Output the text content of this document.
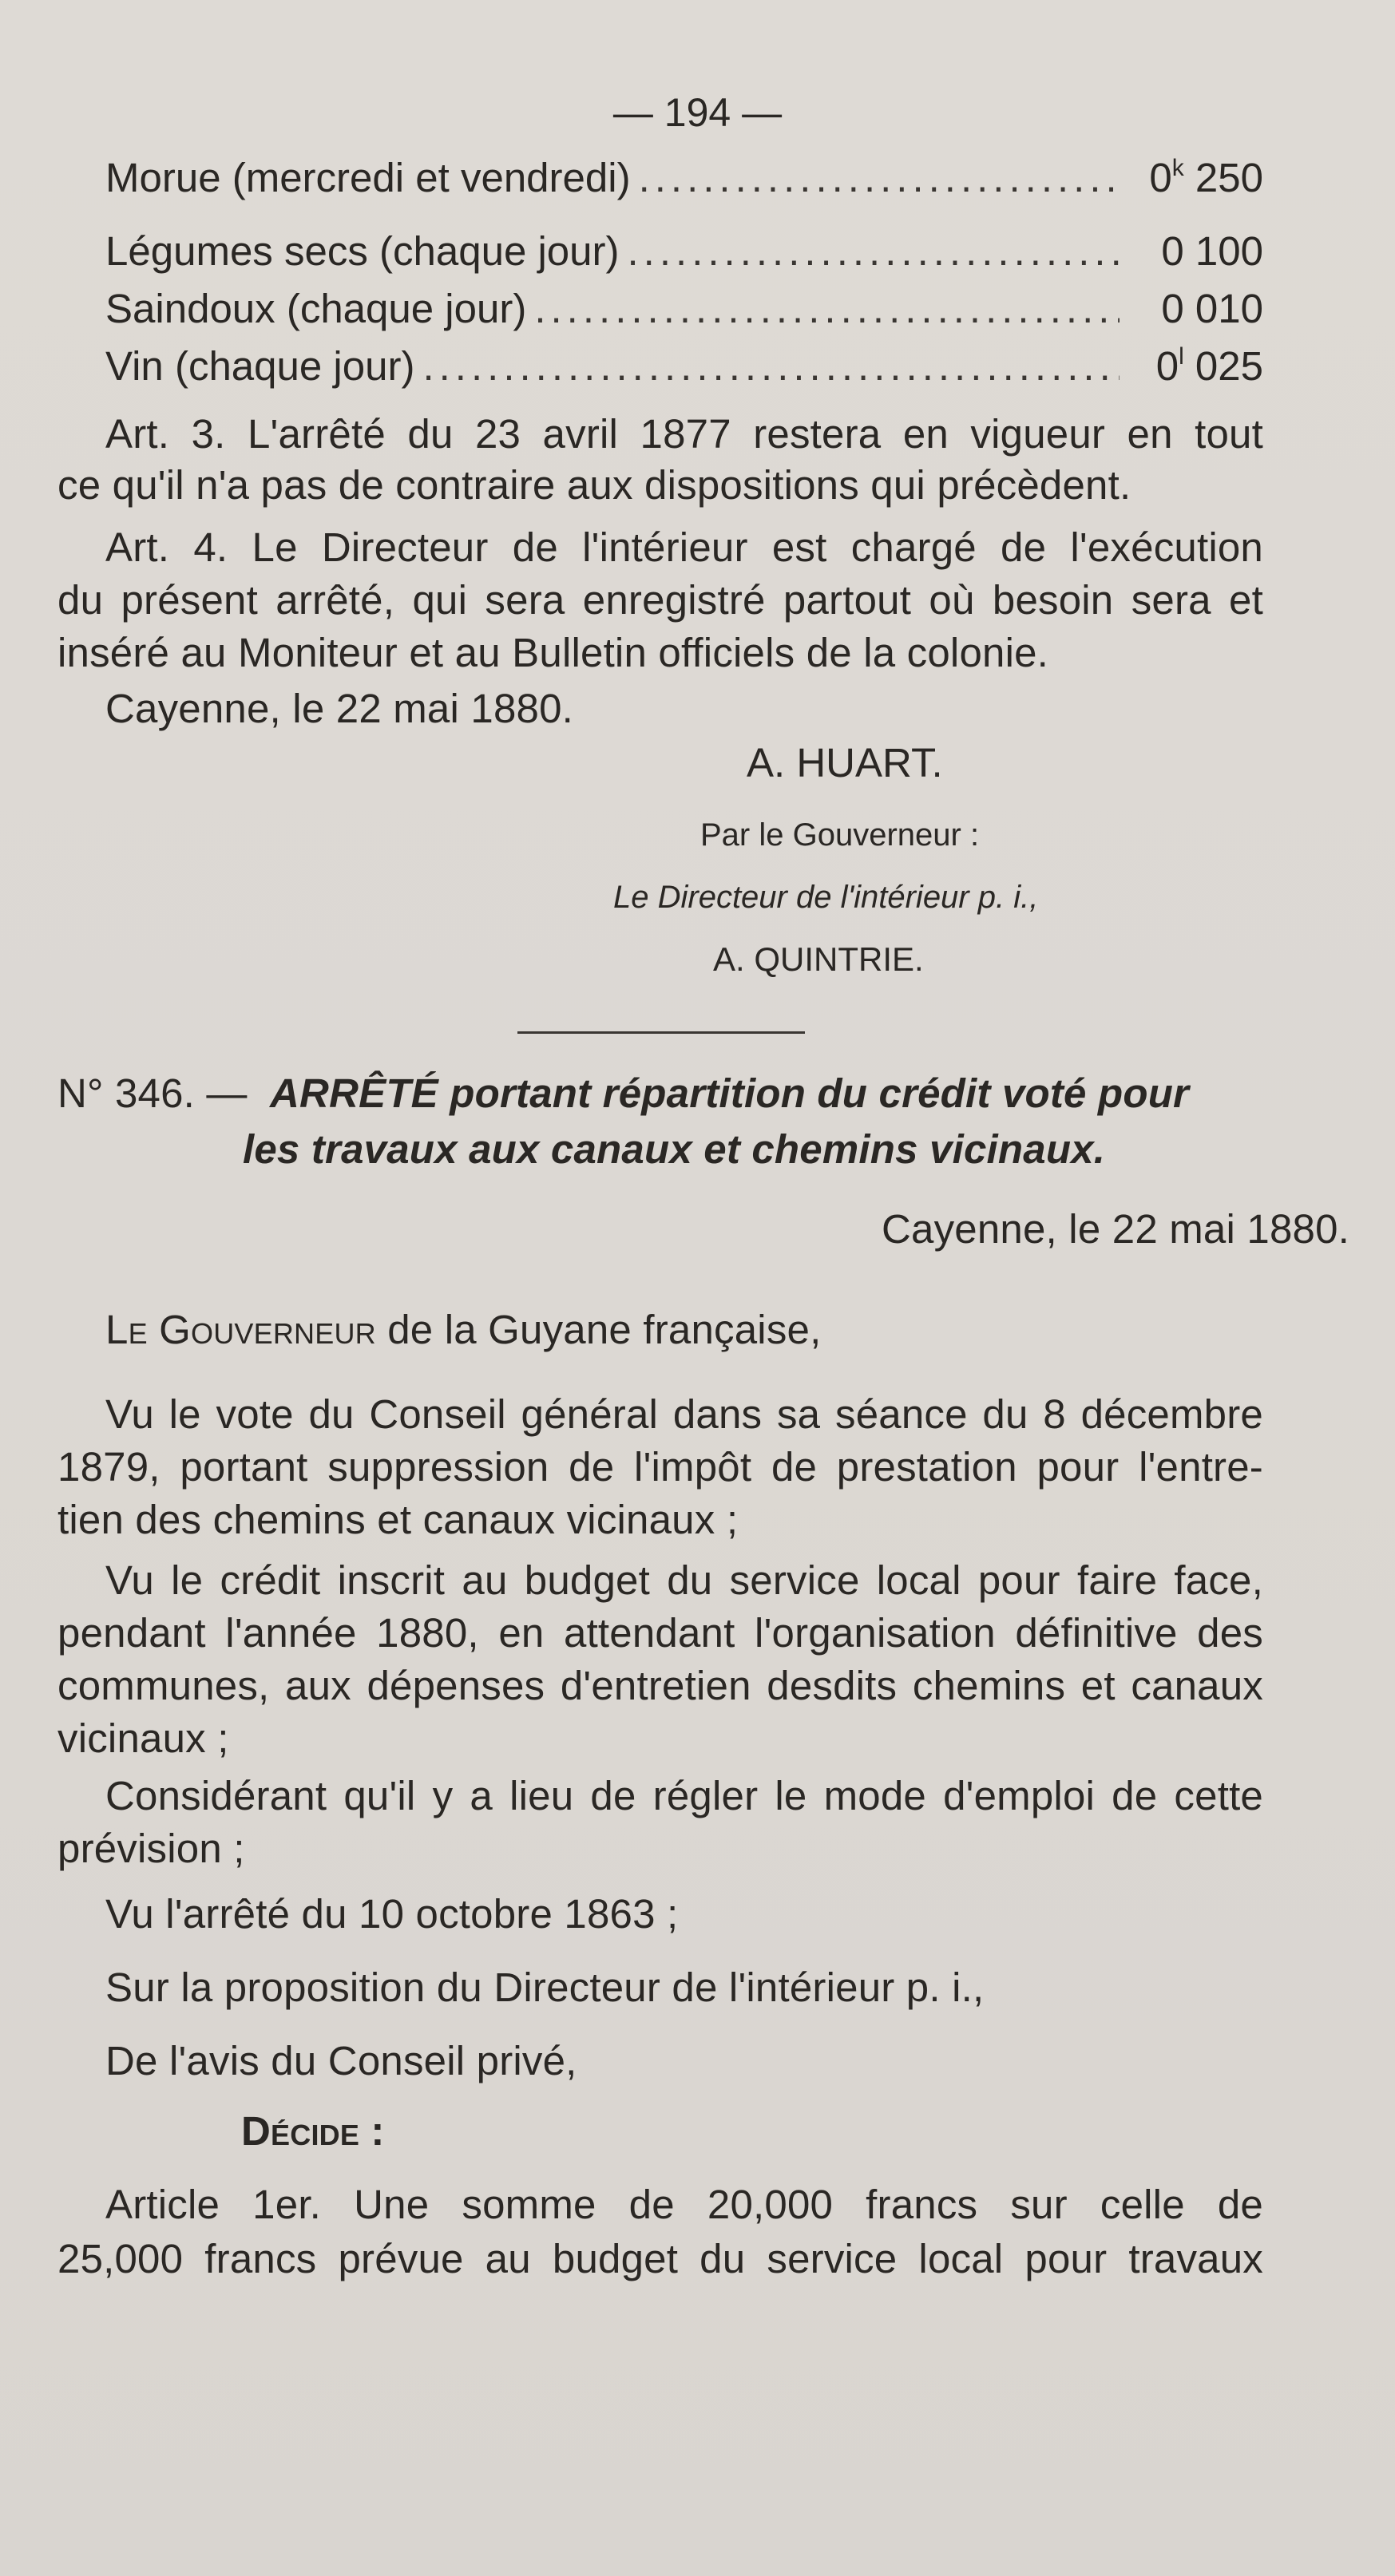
— 194 —
Morue (mercredi et vendredi) .....	0$^k$ 250
Légumes secs (chaque jour) .....	0 100
Saindoux (chaque jour) .....	0 010
Vin (chaque jour) .....	0$^l$ 025
Art. 3. L'arrêté du 23 avril 1877 restera en vigueur en tout
ce qu'il n'a pas de contraire aux dispositions qui précèdent.
Art. 4. Le Directeur de l'intérieur est chargé de l'exécution
du présent arrêté, qui sera enregistré partout où besoin sera et
inséré au Moniteur et au Bulletin officiels de la colonie.
Cayenne, le 22 mai 1880.
A. HUART.
Par le Gouverneur :
Le Directeur de l'intérieur p. i.,
A. QUINTRIE.
N° 346. — ARRÊTÉ portant répartition du crédit voté pour
les travaux aux canaux et chemins vicinaux.
Cayenne, le 22 mai 1880.
Le Gouverneur de la Guyane française,
Vu le vote du Conseil général dans sa séance du 8 décembre
1879, portant suppression de l'impôt de prestation pour l'entre-
tien des chemins et canaux vicinaux ;
Vu le crédit inscrit au budget du service local pour faire face,
pendant l'année 1880, en attendant l'organisation définitive des
communes, aux dépenses d'entretien desdits chemins et canaux
vicinaux ;
Considérant qu'il y a lieu de régler le mode d'emploi de cette
prévision ;
Vu l'arrêté du 10 octobre 1863 ;
Sur la proposition du Directeur de l'intérieur p. i.,
De l'avis du Conseil privé,
Décide :
Article 1er. Une somme de 20,000 francs sur celle de
25,000 francs prévue au budget du service local pour travaux
